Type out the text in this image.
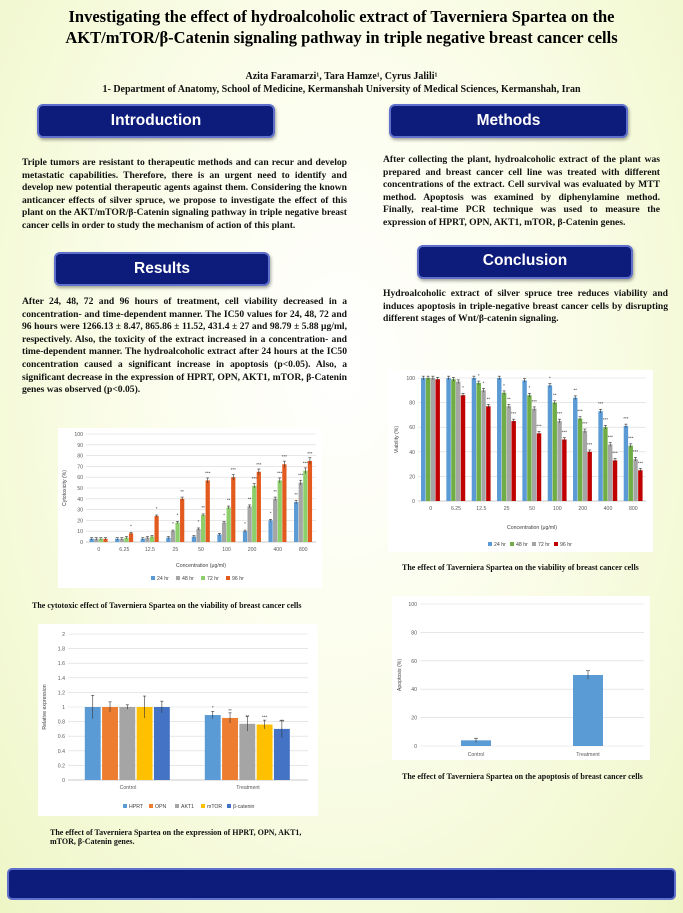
Investigating the effect of hydroalcoholic extract of Taverniera Spartea on the
AKT/mTOR/β-Catenin signaling pathway in triple negative breast cancer cells
Azita Faramarzi¹, Tara Hamze¹, Cyrus Jalili¹
1- Department of Anatomy, School of Medicine, Kermanshah University of Medical Sciences, Kermanshah, Iran
Introduction	Methods
Results	Conclusion
Triple tumors are resistant to therapeutic methods and can recur and develop metastatic capabilities. Therefore, there is an urgent need to identify and develop new potential therapeutic agents against them. Considering the known anticancer effects of silver spruce, we propose to investigate the effect of this plant on the AKT/mTOR/β-Catenin signaling pathway in triple negative breast cancer cells in order to study the mechanism of action of this plant.
After collecting the plant, hydroalcoholic extract of the plant was prepared and breast cancer cell line was treated with different concentrations of the extract. Cell survival was evaluated by MTT method. Apoptosis was examined by diphenylamine method. Finally, real-time PCR technique was used to measure the expression of HPRT, OPN, AKT1, mTOR, β-Catenin genes.
After 24, 48, 72 and 96 hours of treatment, cell viability decreased in a concentration- and time-dependent manner. The IC50 values for 24, 48, 72 and 96 hours were 1266.13 ± 8.47, 865.86 ± 11.52, 431.4 ± 27 and 98.79 ± 5.88 μg/ml, respectively. Also, the toxicity of the extract increased in a concentration- and time-dependent manner. The hydroalcoholic extract after 24 hours at the IC50 concentration caused a significant increase in apoptosis (p<0.05). Also, a significant decrease in the expression of HPRT, OPN, AKT1, mTOR, β-Catenin genes was observed (p<0.05).
Hydroalcoholic extract of silver spruce tree reduces viability and induces apoptosis in triple-negative breast cancer cells by disrupting different stages of Wnt/β-catenin signaling.
0
10
20
30
40
50
60
70
80
90
100
Cytotoxicity (%)
0	6.25
*
12.5
*
25
*
*
**
50
*
**
***
100
*
**
***
200
*
**
***
***
400
*
**
***
***
800
**
***
***
***
Concentration (μg/ml)
24 hr	48 hr	72 hr	96 hr
The cytotoxic effect of Taverniera Spartea on the viability of breast cancer cells
0
20
40
60
80
100
Viability (%)
0	6.25
*
12.5
*
*
**
25
*
**
***
50
*
***
***
100
*
**
***
***
200
**
***
***
***
400
***
***
***
***
800
***
***
***
***
Concentration (μg/ml)
24 hr 48 hr 72 hr 96 hr
The effect of Taverniera Spartea on the viability of breast cancer cells
0
0.2
0.4
0.6
0.8
1
1.2
1.4
1.6
1.8
2
Relative expression
Control	Treatment
*
**
**	***
***
HPRT OPN	AKT1	mTOR β-catenin
The effect of Taverniera Spartea on the expression of HPRT, OPN, AKT1, mTOR, β-Catenin genes.
0
20
40
60
80
100
Apoptosis (%)
Control	Treatment
The effect of Taverniera Spartea on the apoptosis of breast cancer cells
